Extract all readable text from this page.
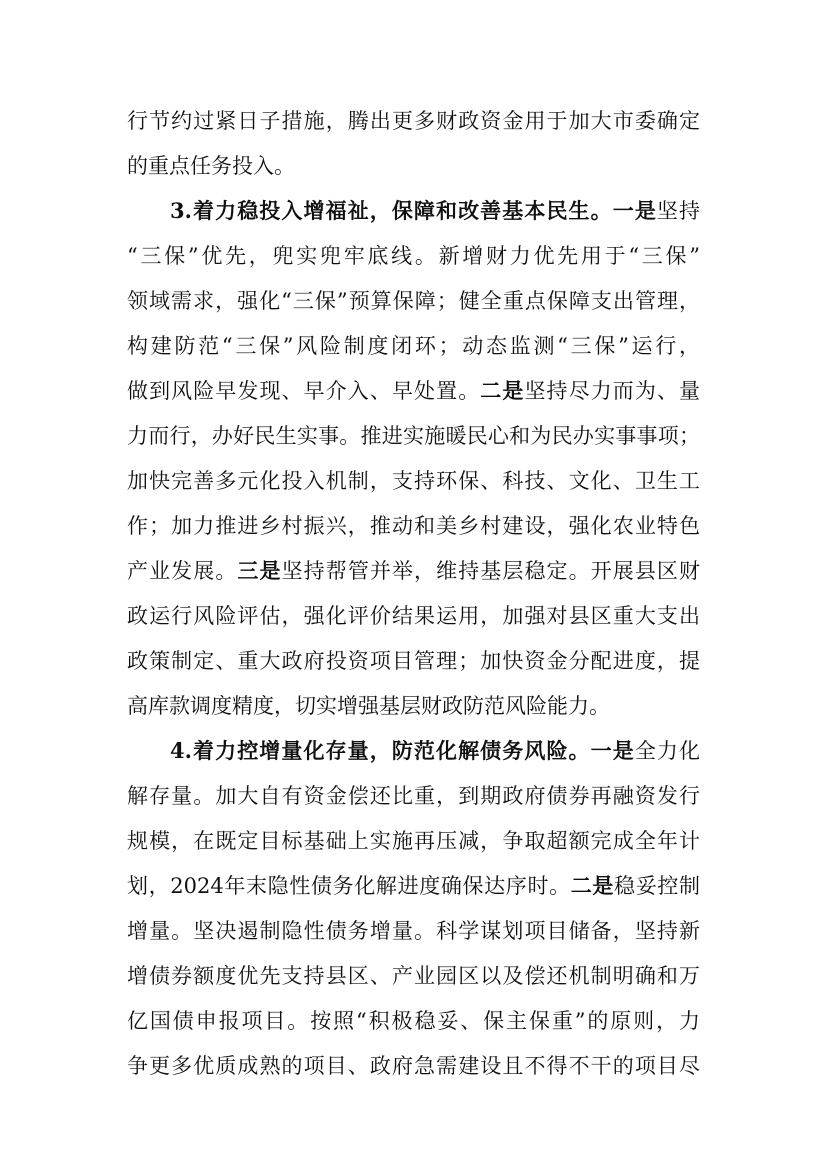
行节约过紧日子措施，腾出更多财政资金用于加大市委确定
的重点任务投入。
3.着力稳投入增福祉，保障和改善基本民生。一是坚持
“三保”优先，兜实兜牢底线。新增财力优先用于“三保”
领域需求，强化“三保”预算保障；健全重点保障支出管理，
构建防范“三保”风险制度闭环；动态监测“三保”运行，
做到风险早发现、早介入、早处置。二是坚持尽力而为、量
力而行，办好民生实事。推进实施暖民心和为民办实事事项；
加快完善多元化投入机制，支持环保、科技、文化、卫生工
作；加力推进乡村振兴，推动和美乡村建设，强化农业特色
产业发展。三是坚持帮管并举，维持基层稳定。开展县区财
政运行风险评估，强化评价结果运用，加强对县区重大支出
政策制定、重大政府投资项目管理；加快资金分配进度，提
高库款调度精度，切实增强基层财政防范风险能力。
4.着力控增量化存量，防范化解债务风险。一是全力化
解存量。加大自有资金偿还比重，到期政府债券再融资发行
规模，在既定目标基础上实施再压减，争取超额完成全年计
划，2024年末隐性债务化解进度确保达序时。二是稳妥控制
增量。坚决遏制隐性债务增量。科学谋划项目储备，坚持新
增债券额度优先支持县区、产业园区以及偿还机制明确和万
亿国债申报项目。按照“积极稳妥、保主保重”的原则，力
争更多优质成熟的项目、政府急需建设且不得不干的项目尽
